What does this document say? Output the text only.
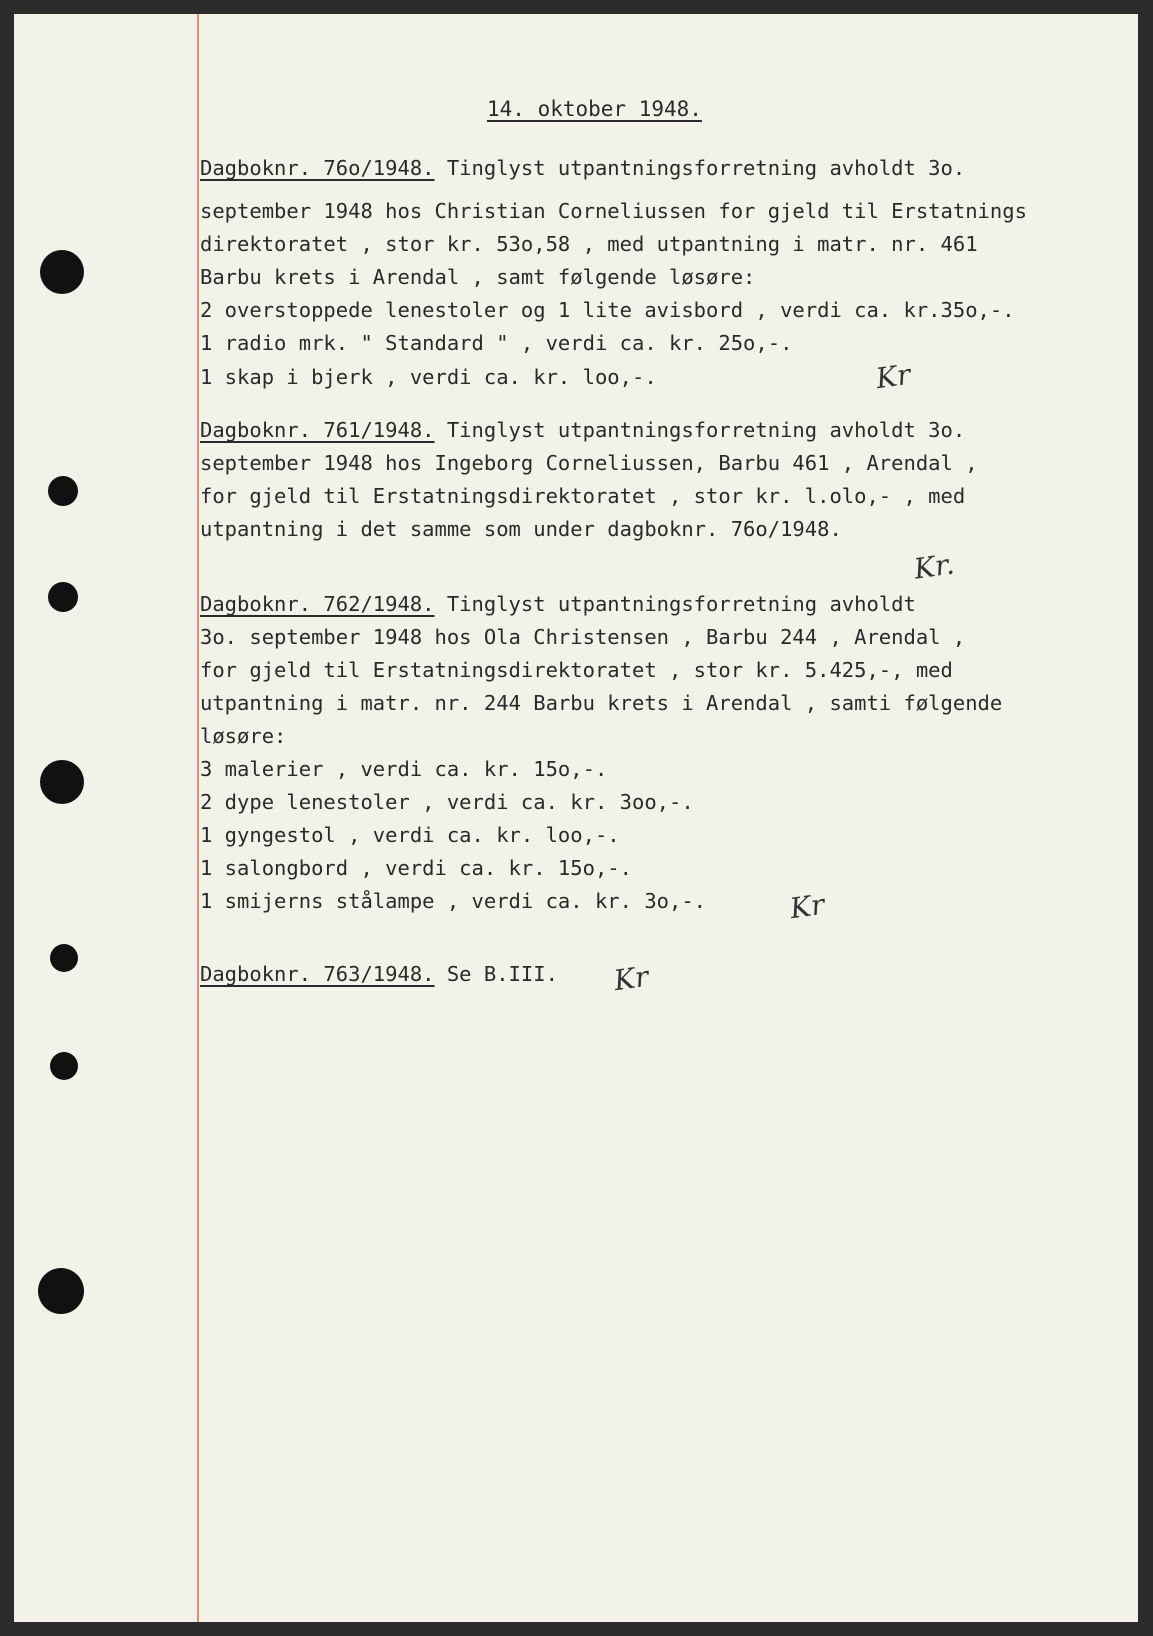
14. oktober 1948.

Dagboknr. 76o/1948. Tinglyst utpantningsforretning avholdt 3o.

september 1948 hos Christian Corneliussen for gjeld til Erstatnings

direktoratet , stor kr. 53o,58 , med utpantning i matr. nr. 461

Barbu krets i Arendal , samt følgende løsøre:

2 overstoppede lenestoler og 1 lite avisbord , verdi ca. kr.35o,-.

1 radio mrk. " Standard " , verdi ca. kr. 25o,-.

1 skap i bjerk , verdi ca. kr. loo,-.

Dagboknr. 761/1948. Tinglyst utpantningsforretning avholdt 3o.

september 1948 hos Ingeborg Corneliussen, Barbu 461 , Arendal ,

for gjeld til Erstatningsdirektoratet , stor kr. l.olo,- , med

utpantning i det samme som under dagboknr. 76o/1948.

Dagboknr. 762/1948. Tinglyst utpantningsforretning avholdt

3o. september 1948 hos Ola Christensen , Barbu 244 , Arendal ,

for gjeld til Erstatningsdirektoratet , stor kr. 5.425,-, med

utpantning i matr. nr. 244 Barbu krets i Arendal , samti følgende

løsøre:

3 malerier , verdi ca. kr. 15o,-.

2 dype lenestoler , verdi ca. kr. 3oo,-.

1 gyngestol , verdi ca. kr. loo,-.

1 salongbord , verdi ca. kr. 15o,-.

1 smijerns stålampe , verdi ca. kr. 3o,-.

Dagboknr. 763/1948. Se B.III.

Kr
Kr.
Kr
Kr
